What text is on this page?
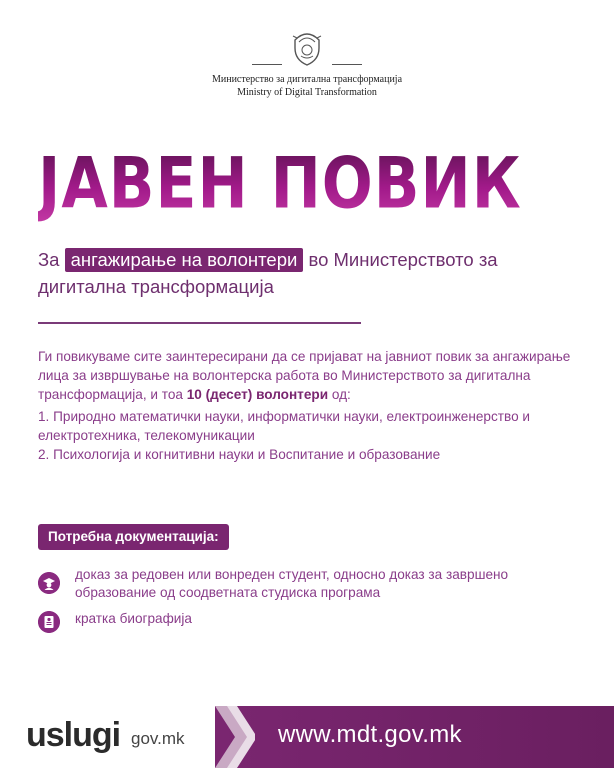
Министерство за дигитална трансформација
Ministry of Digital Transformation
ЈАВЕН ПОВИК
За ангажирање на волонтери во Министерството за
дигитална трансформација

Ги повикуваме сите заинтересирани да се пријават на јавниот повик за ангажирање лица за извршување на волонтерска работа во Министерството за дигитална трансформација, и тоа 10 (десет) волонтери од:

1. Природно математички науки, информатички науки, електроинженерство и електротехника, телекомуникации

2. Психологија и когнитивни науки и Воспитание и образование

Потребна документација:
доказ за редовен или вонреден студент, односно доказ за завршено образование од соодветната студиска програма
кратка биографија
uslugi gov.mk	www.mdt.gov.mk
